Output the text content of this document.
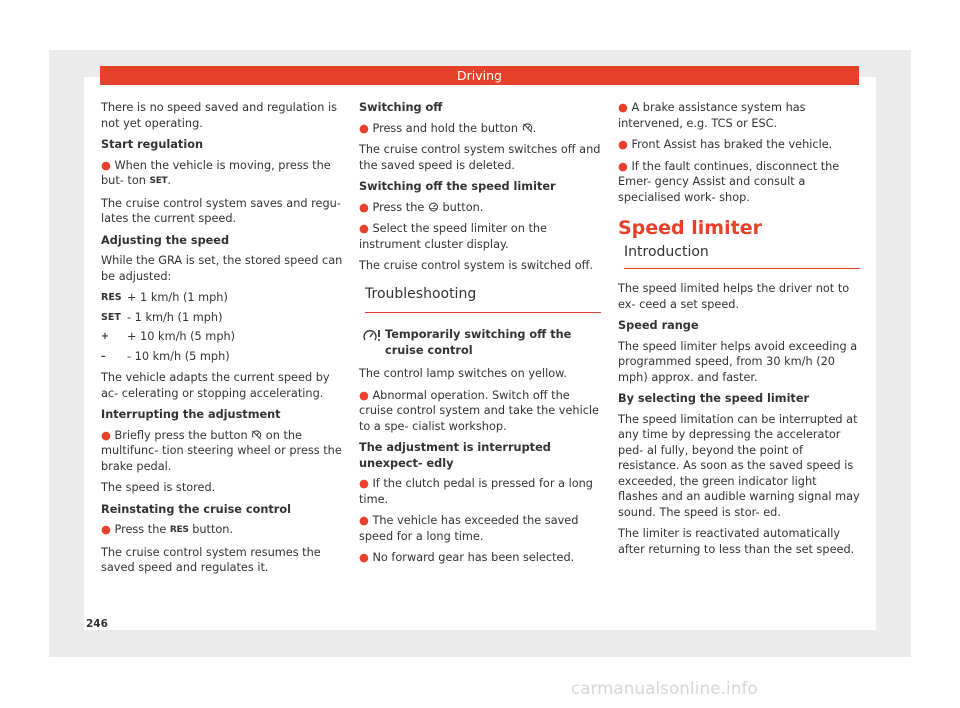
Driving

There is no speed saved and regulation is not yet operating.

Start regulation

● When the vehicle is moving, press the but- ton SET.

The cruise control system saves and regu- lates the current speed.

Adjusting the speed

While the GRA is set, the stored speed can be adjusted:

RES + 1 km/h (1 mph)
SET - 1 km/h (1 mph)
+	+ 10 km/h (5 mph)
–	- 10 km/h (5 mph)

The vehicle adapts the current speed by ac- celerating or stopping accelerating.

Interrupting the adjustment

● Briefly press the button on the multifunc- tion steering wheel or press the brake pedal.

The speed is stored.

Reinstating the cruise control

● Press the RES button.

The cruise control system resumes the saved speed and regulates it.

Switching off

● Press and hold the button .

The cruise control system switches off and the saved speed is deleted.

Switching off the speed limiter

● Press the button.

● Select the speed limiter on the instrument cluster display.

The cruise control system is switched off.

Troubleshooting
Temporarily switching off the cruise control

The control lamp switches on yellow.

● Abnormal operation. Switch off the cruise control system and take the vehicle to a spe- cialist workshop.

The adjustment is interrupted unexpect- edly

● If the clutch pedal is pressed for a long time.

● The vehicle has exceeded the saved speed for a long time.

● No forward gear has been selected.

● A brake assistance system has intervened, e.g. TCS or ESC.

● Front Assist has braked the vehicle.

● If the fault continues, disconnect the Emer- gency Assist and consult a specialised work- shop.

Speed limiter
Introduction

The speed limited helps the driver not to ex- ceed a set speed.

Speed range

The speed limiter helps avoid exceeding a programmed speed, from 30 km/h (20 mph) approx. and faster.

By selecting the speed limiter

The speed limitation can be interrupted at any time by depressing the accelerator ped- al fully, beyond the point of resistance. As soon as the saved speed is exceeded, the green indicator light flashes and an audible warning signal may sound. The speed is stor- ed.

The limiter is reactivated automatically after returning to less than the set speed.

246
carmanualsonline.info
